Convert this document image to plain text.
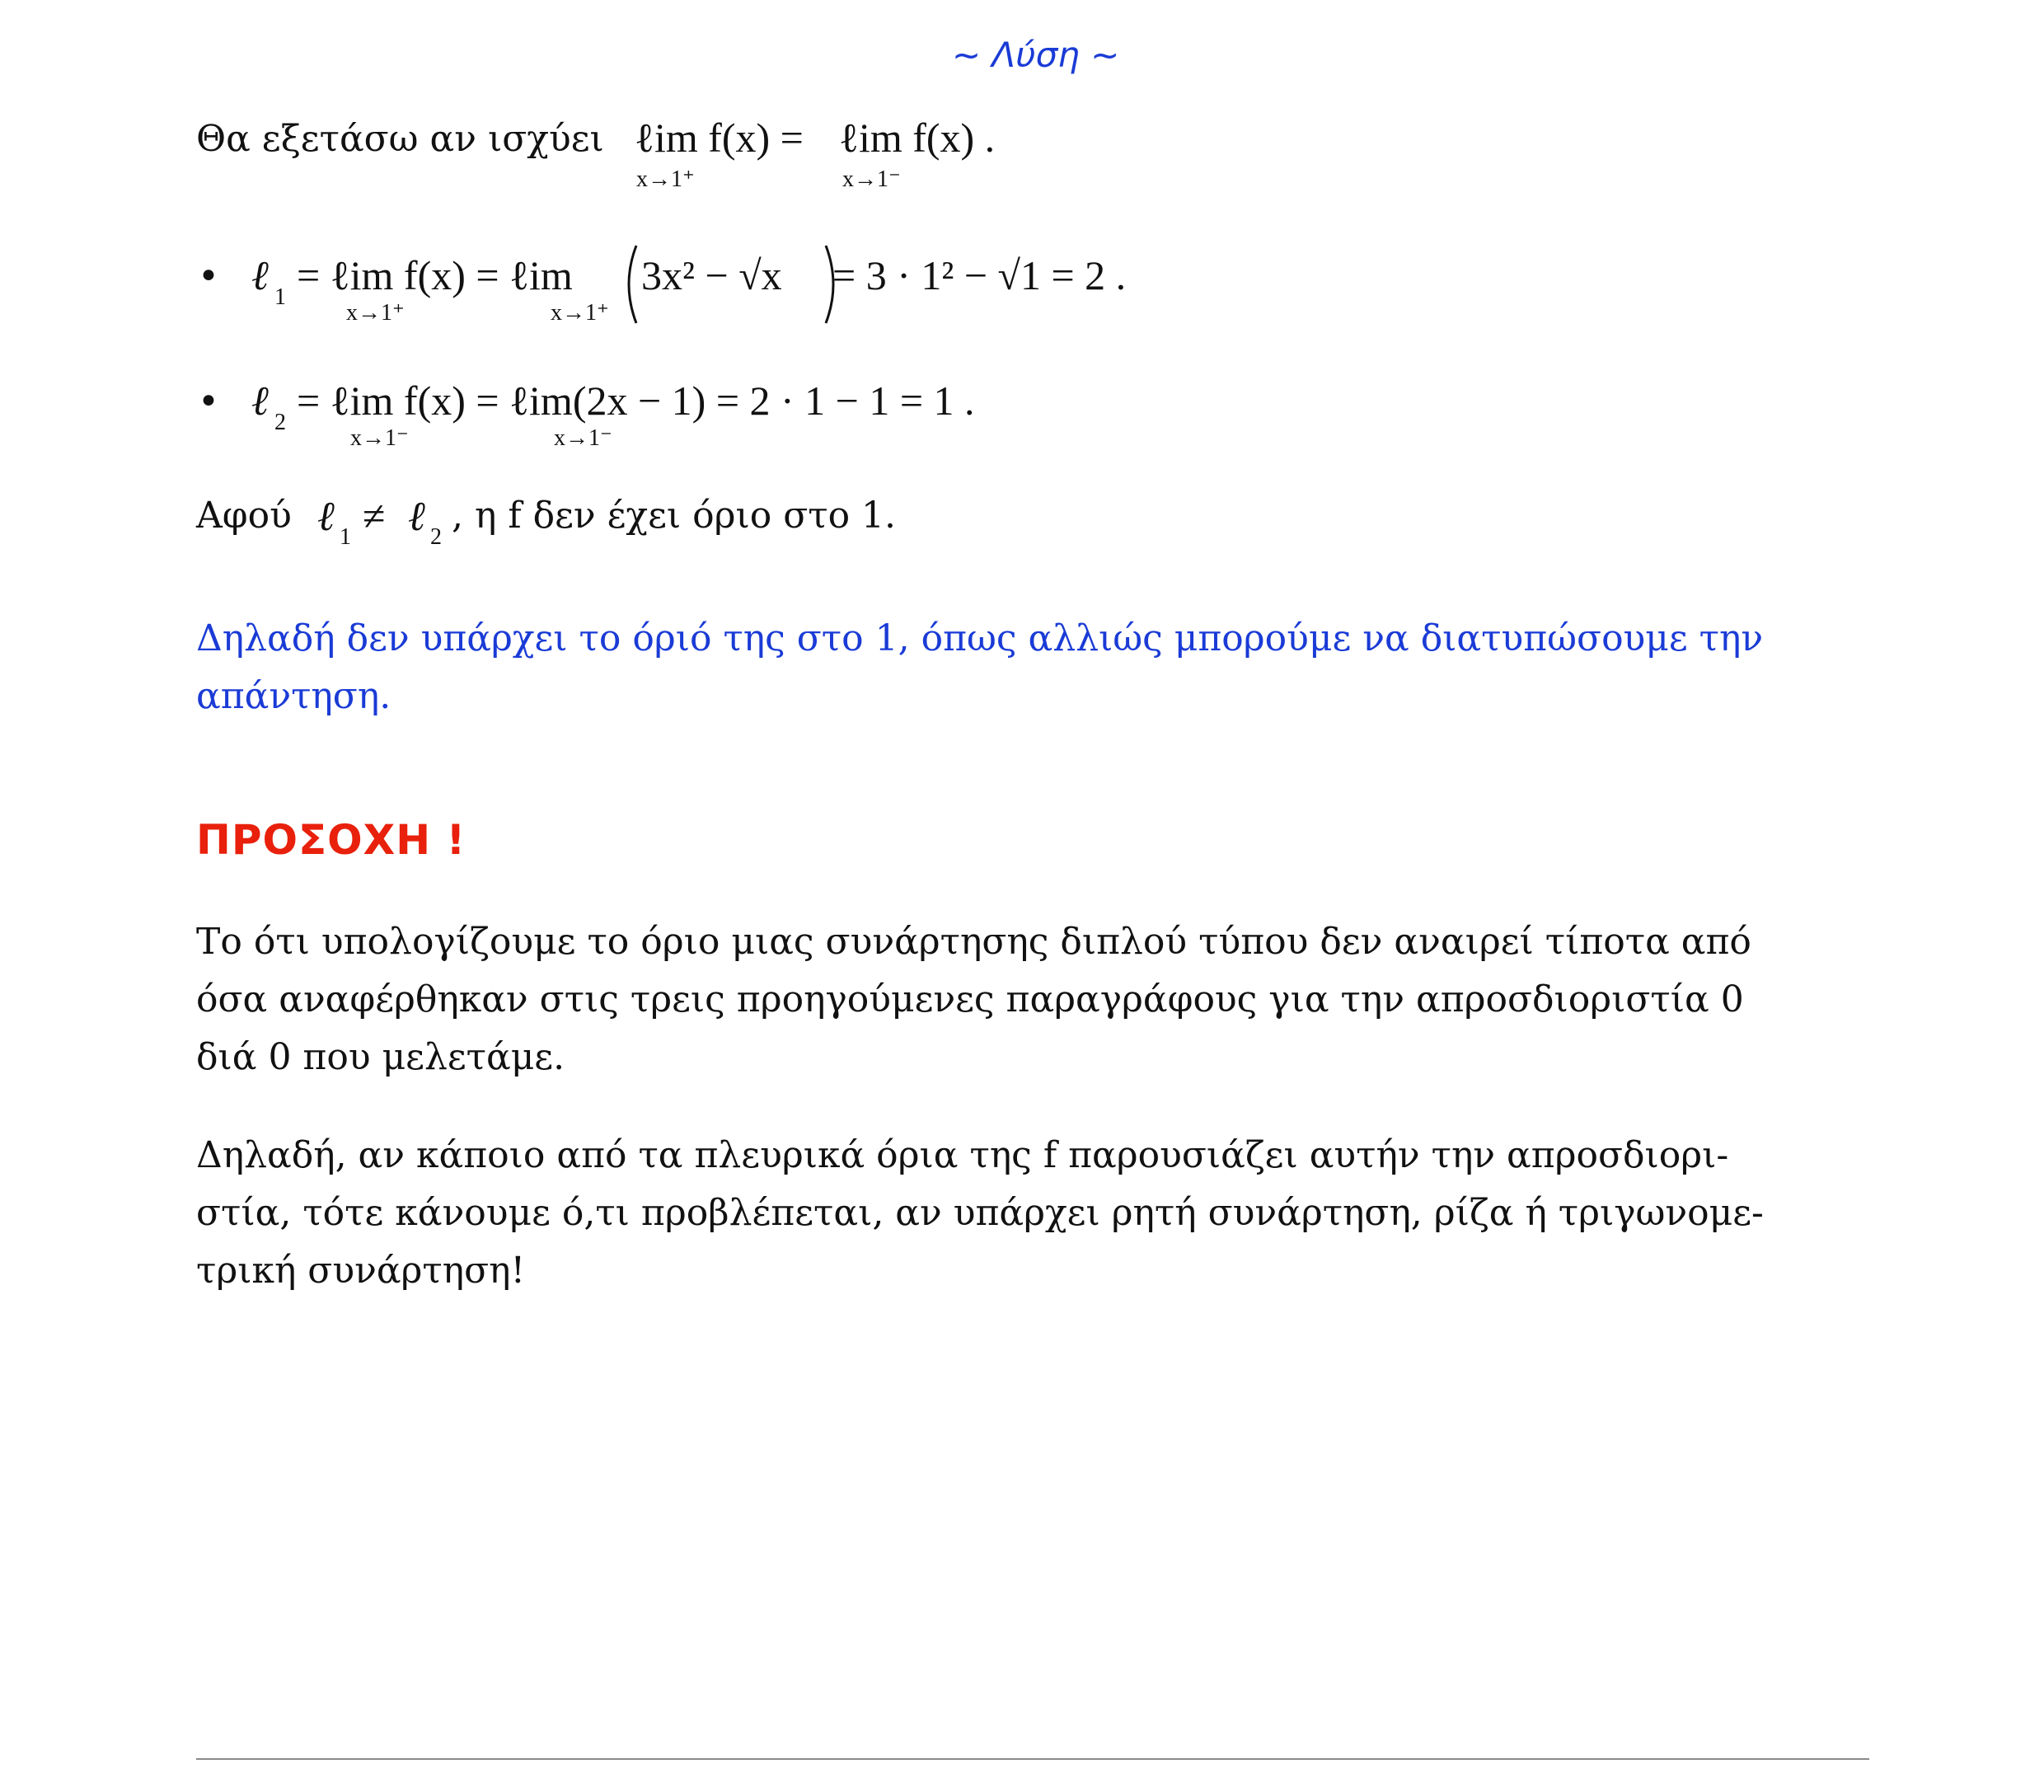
~ Λύση ~
Θα εξετάσω αν ισχύει ℓim f(x) =
x→1⁺
ℓim f(x) .
x→1⁻
• ℓ 1 = ℓim f(x) = ℓim
x→1⁺	x→1⁺
3x² − √x = 3 · 1² − √1 = 2 .
• ℓ 2 = ℓim f(x) = ℓim(2x − 1) = 2 · 1 − 1 = 1 .
x→1⁻	x→1⁻
Αφού ℓ 1 ≠ ℓ 2
, η f δεν έχει όριο στο 1.
Δηλαδή δεν υπάρχει το όριό της στο 1, όπως αλλιώς μπορούμε να διατυπώσουμε την
απάντηση.
ΠΡΟΣΟΧΗ !
Το ότι υπολογίζουμε το όριο μιας συνάρτησης διπλού τύπου δεν αναιρεί τίποτα από
όσα αναφέρθηκαν στις τρεις προηγούμενες παραγράφους για την απροσδιοριστία 0
διά 0 που μελετάμε.
Δηλαδή, αν κάποιο από τα πλευρικά όρια της f παρουσιάζει αυτήν την απροσδιορι-
στία, τότε κάνουμε ό,τι προβλέπεται, αν υπάρχει ρητή συνάρτηση, ρίζα ή τριγωνομε-
τρική συνάρτηση!
